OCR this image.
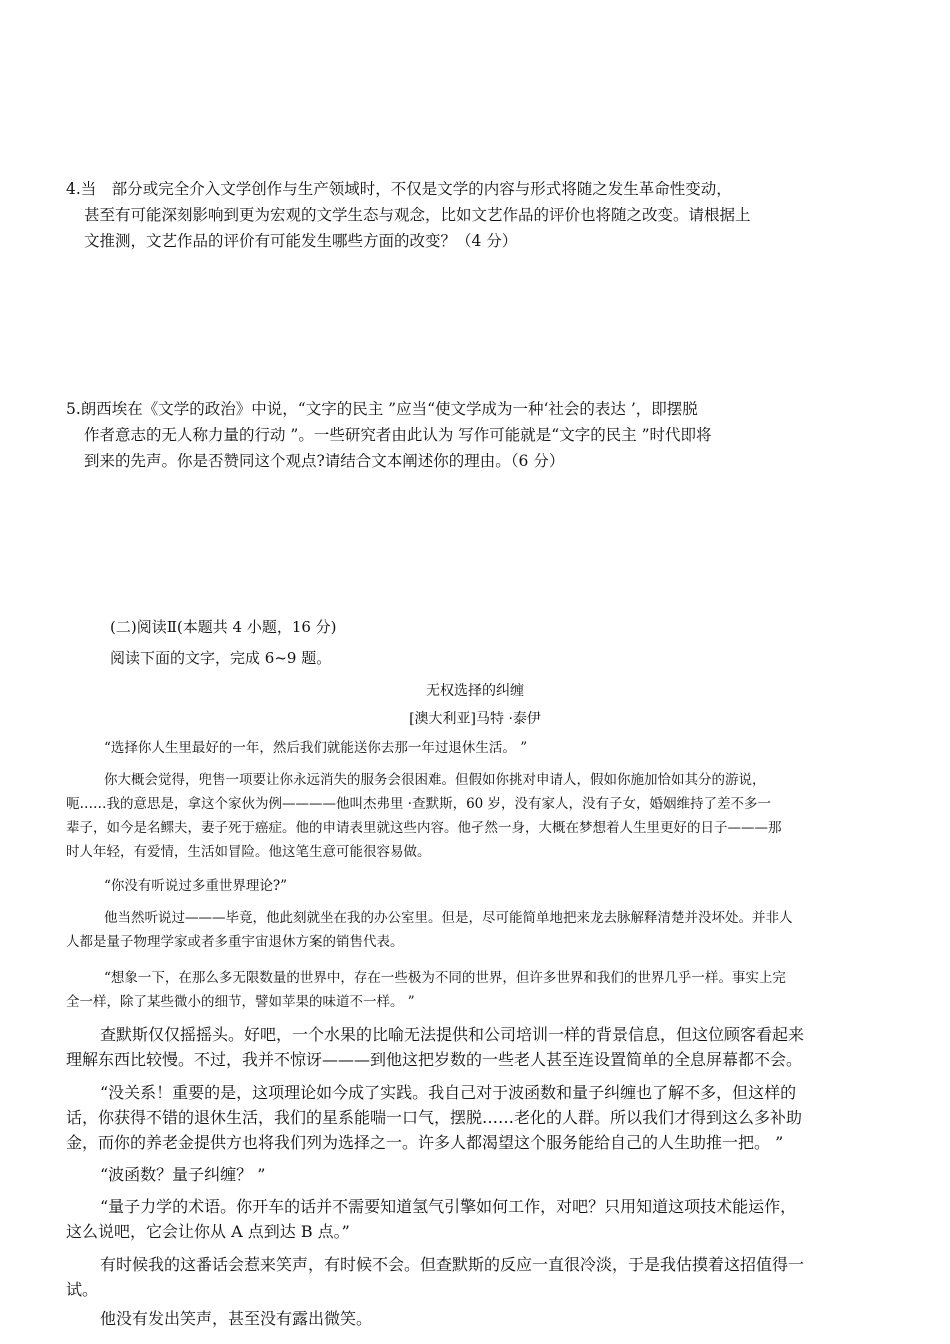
4.当　部分或完全介入文学创作与生产领域时，不仅是文学的内容与形式将随之发生革命性变动，
甚至有可能深刻影响到更为宏观的文学生态与观念，比如文艺作品的评价也将随之改变。请根据上
文推测，文艺作品的评价有可能发生哪些方面的改变？（4 分）
5.朗西埃在《文学的政治》中说，“文字的民主 ”应当“使文学成为一种‘社会的表达 ’，即摆脱
作者意志的无人称力量的行动 ”。一些研究者由此认为 写作可能就是“文字的民主 ”时代即将
到来的先声。你是否赞同这个观点?请结合文本阐述你的理由。（6 分）
(二)阅读Ⅱ(本题共 4 小题，16 分)
阅读下面的文字，完成 6~9 题。
无权选择的纠缠
[澳大利亚]马特 ·泰伊
“选择你人生里最好的一年，然后我们就能送你去那一年过退休生活。 ”
你大概会觉得，兜售一项要让你永远消失的服务会很困难。但假如你挑对申请人，假如你施加恰如其分的游说，
呃……我的意思是，拿这个家伙为例————他叫杰弗里 ·查默斯，60 岁，没有家人，没有子女，婚姻维持了差不多一
辈子，如今是名鳏夫，妻子死于癌症。他的申请表里就这些内容。他孑然一身，大概在梦想着人生里更好的日子———那
时人年轻，有爱情，生活如冒险。他这笔生意可能很容易做。
“你没有听说过多重世界理论?”
他当然听说过———毕竟，他此刻就坐在我的办公室里。但是，尽可能简单地把来龙去脉解释清楚并没坏处。并非人
人都是量子物理学家或者多重宇宙退休方案的销售代表。
“想象一下，在那么多无限数量的世界中，存在一些极为不同的世界，但许多世界和我们的世界几乎一样。事实上完
全一样，除了某些微小的细节，譬如苹果的味道不一样。 ”
查默斯仅仅摇摇头。好吧，一个水果的比喻无法提供和公司培训一样的背景信息，但这位顾客看起来
理解东西比较慢。不过，我并不惊讶———到他这把岁数的一些老人甚至连设置简单的全息屏幕都不会。
“没关系！重要的是，这项理论如今成了实践。我自己对于波函数和量子纠缠也了解不多，但这样的
话，你获得不错的退休生活，我们的星系能喘一口气，摆脱……老化的人群。所以我们才得到这么多补助
金，而你的养老金提供方也将我们列为选择之一。许多人都渴望这个服务能给自己的人生助推一把。 ”
“波函数？量子纠缠？ ”
“量子力学的术语。你开车的话并不需要知道氢气引擎如何工作，对吧？只用知道这项技术能运作，
这么说吧，它会让你从 A 点到达 B 点。”
有时候我的这番话会惹来笑声，有时候不会。但查默斯的反应一直很冷淡，于是我估摸着这招值得一
试。
他没有发出笑声，甚至没有露出微笑。
